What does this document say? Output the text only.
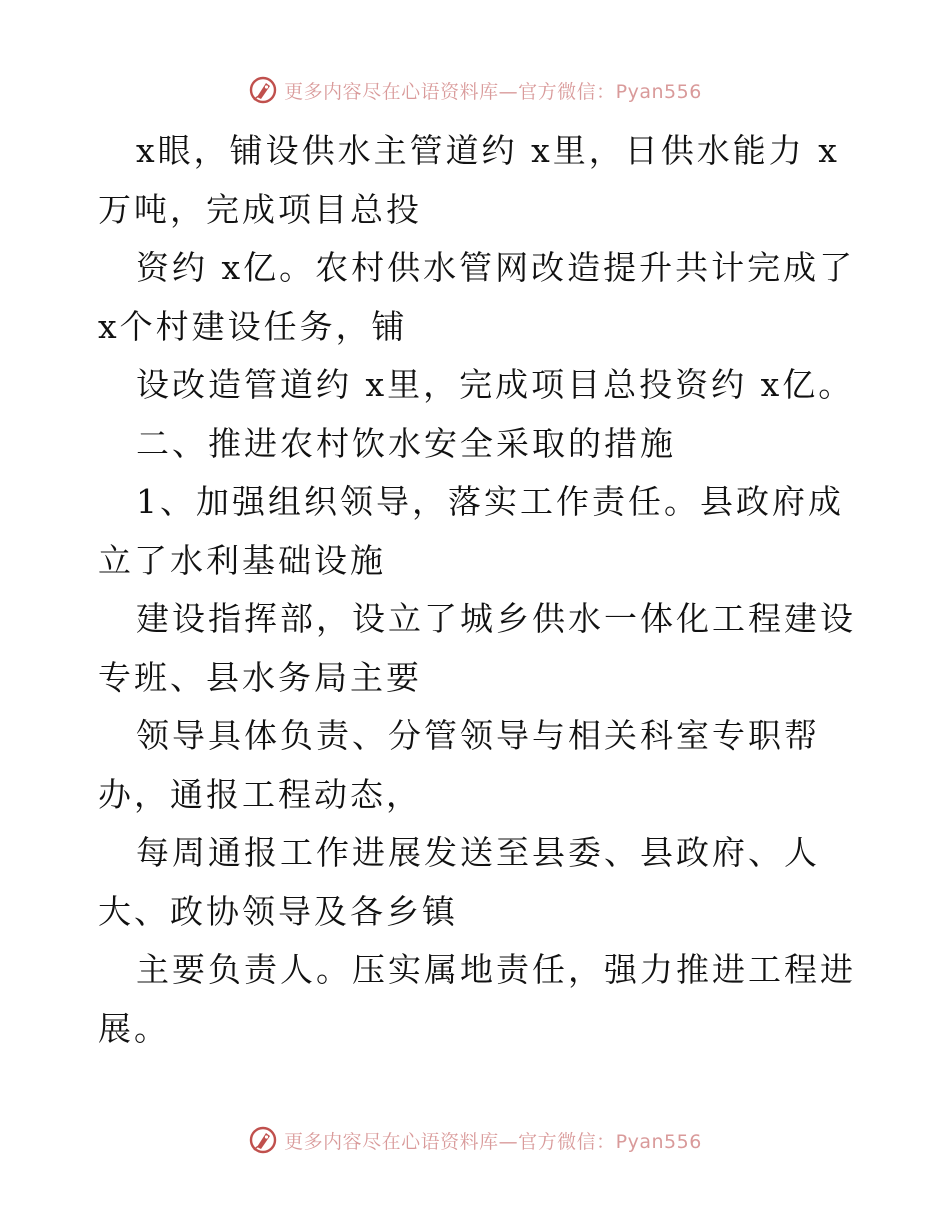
更多内容尽在心语资料库—官方微信：Pyan556

x眼，铺设供水主管道约 x里，日供水能力 x万吨，完成项目总投

资约 x亿。农村供水管网改造提升共计完成了x个村建设任务，铺

设改造管道约 x里，完成项目总投资约 x亿。

二、推进农村饮水安全采取的措施

1、加强组织领导，落实工作责任。县政府成立了水利基础设施

建设指挥部，设立了城乡供水一体化工程建设专班、县水务局主要

领导具体负责、分管领导与相关科室专职帮办，通报工程动态，

每周通报工作进展发送至县委、县政府、人大、政协领导及各乡镇

主要负责人。压实属地责任，强力推进工程进展。

更多内容尽在心语资料库—官方微信：Pyan556
